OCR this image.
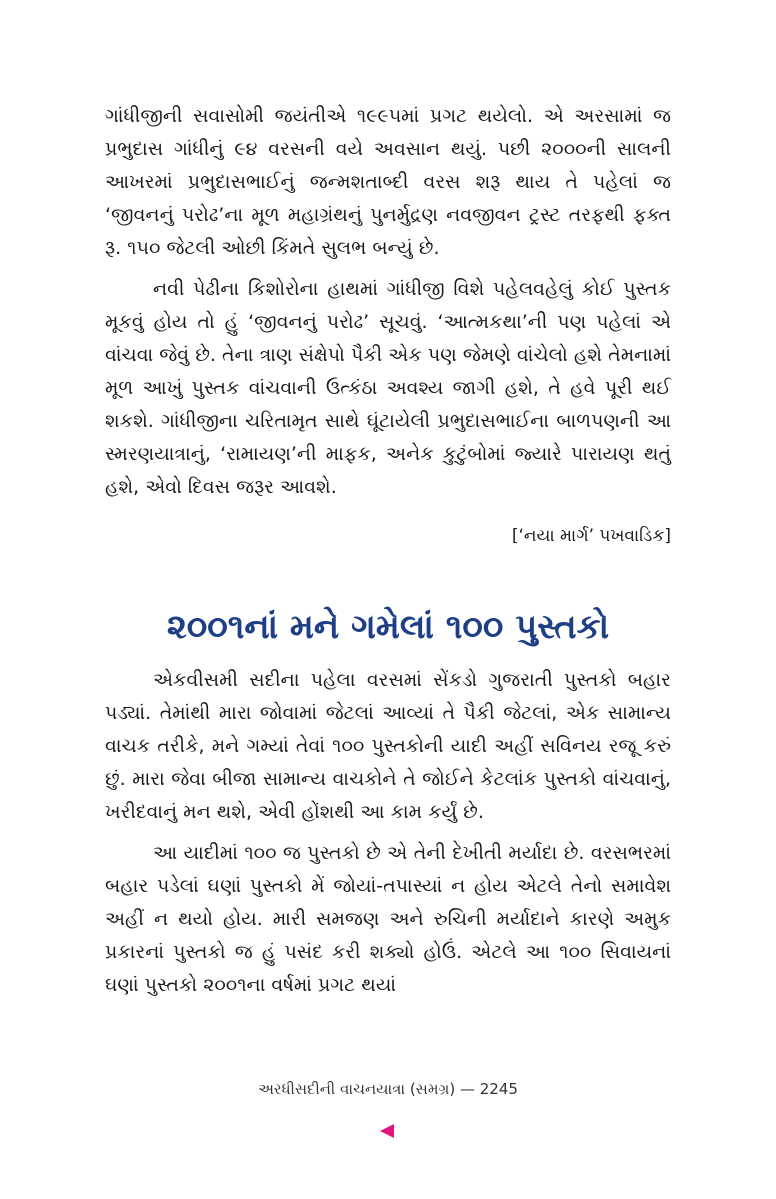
ગાંધીજીની સવાસોમી જયંતીએ ૧૯૯૫માં પ્રગટ થયેલો. એ અરસામાં જ પ્રભુદાસ ગાંધીનું ૯૪ વરસની વયે અવસાન થયું. પછી ૨૦૦૦ની સાલની આખરમાં પ્રભુદાસભાઈનું જન્મશતાબ્દી વરસ શરૂ થાય તે પહેલાં જ ‘જીવનનું પરોઢ’ના મૂળ મહાગ્રંથનું પુનર્મુદ્રણ નવજીવન ટ્રસ્ટ તરફથી ફક્ત રૂ. ૧૫૦ જેટલી ઓછી કિંમતે સુલભ બન્યું છે.

નવી પેઢીના કિશોરોના હાથમાં ગાંધીજી વિશે પહેલવહેલું કોઈ પુસ્તક મૂકવું હોય તો હું ‘જીવનનું પરોઢ’ સૂચવું. ‘આત્મકથા’ની પણ પહેલાં એ વાંચવા જેવું છે. તેના ત્રાણ સંક્ષેપો પૈકી એક પણ જેમણે વાંચેલો હશે તેમનામાં મૂળ આખું પુસ્તક વાંચવાની ઉત્કંઠા અવશ્ય જાગી હશે, તે હવે પૂરી થઈ શકશે. ગાંધીજીના ચરિતામૃત સાથે ઘૂંટાયેલી પ્રભુદાસભાઈના બાળપણની આ સ્મરણયાત્રાનું, ‘રામાયણ’ની માફક, અનેક કુટુંબોમાં જ્યારે પારાયણ થતું હશે, એવો દિવસ જરૂર આવશે.

[‘નયા માર્ગ’ પખવાડિક]
૨૦૦૧નાં મને ગમેલાં ૧૦૦ પુસ્તકો

એકવીસમી સદીના પહેલા વરસમાં સેંકડો ગુજરાતી પુસ્તકો બહાર પડ્યાં. તેમાંથી મારા જોવામાં જેટલાં આવ્યાં તે પૈકી જેટલાં, એક સામાન્ય વાચક તરીકે, મને ગમ્યાં તેવાં ૧૦૦ પુસ્તકોની યાદી અહીં સવિનય રજૂ કરું છું. મારા જેવા બીજા સામાન્ય વાચકોને તે જોઈને કેટલાંક પુસ્તકો વાંચવાનું, ખરીદવાનું મન થશે, એવી હોંશથી આ કામ કર્યું છે.

આ યાદીમાં ૧૦૦ જ પુસ્તકો છે એ તેની દેખીતી મર્યાદા છે. વરસભરમાં બહાર પડેલાં ઘણાં પુસ્તકો મેં જોયાં-તપાસ્યાં ન હોય એટલે તેનો સમાવેશ અહીં ન થયો હોય. મારી સમજણ અને રુચિની મર્યાદાને કારણે અમુક પ્રકારનાં પુસ્તકો જ હું પસંદ કરી શક્યો હોઉં. એટલે આ ૧૦૦ સિવાયનાં ઘણાં પુસ્તકો ૨૦૦૧ના વર્ષમાં પ્રગટ થયાં

અરધીસદીની વાચનયાત્રા (સમગ્ર) — 2245
